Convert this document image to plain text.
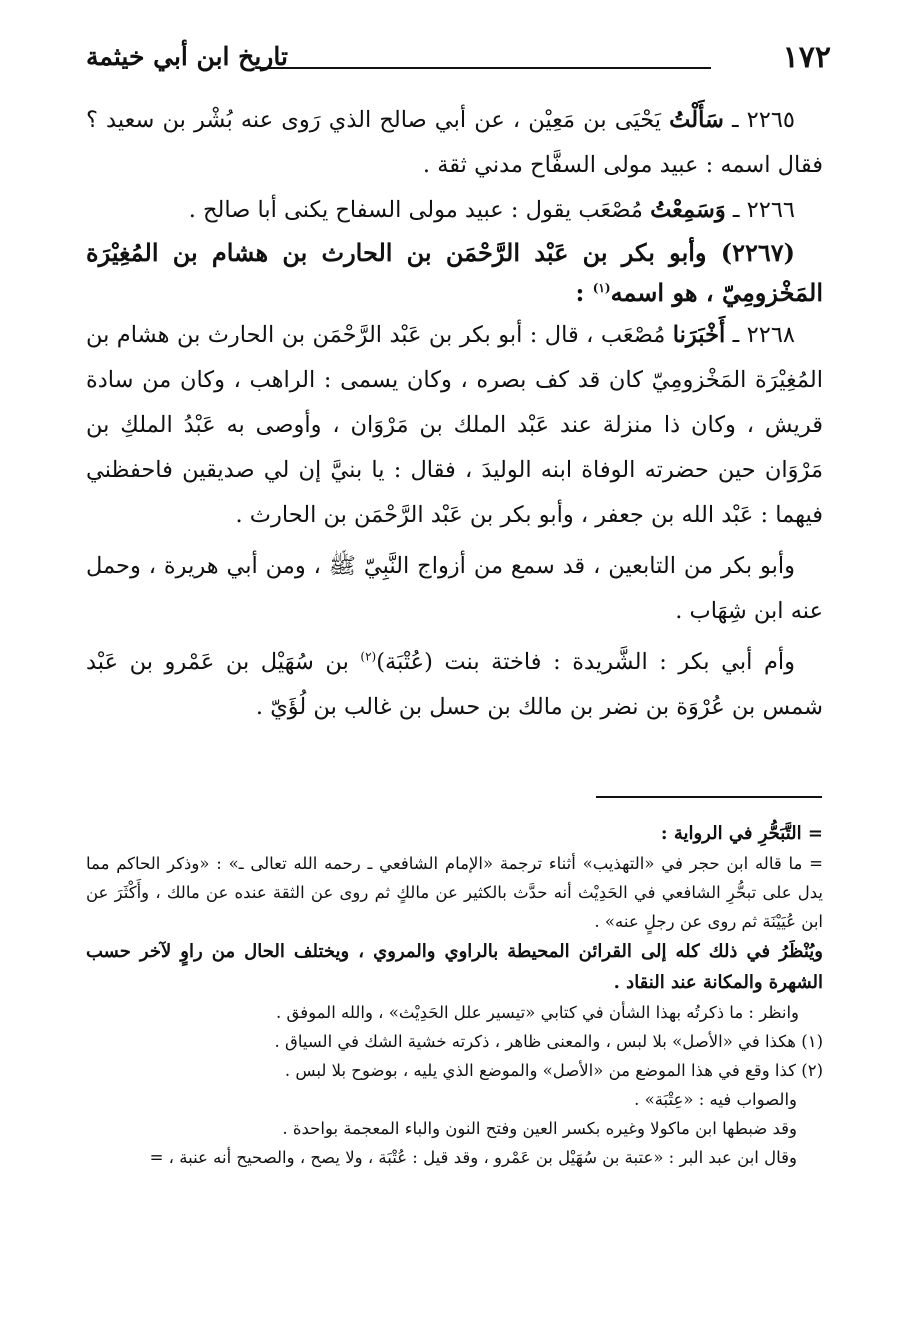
١٧٢
تاريخ ابن أبي خيثمة

٢٢٦٥ ـ سَأَلْتُ يَحْيَى بن مَعِيْن ، عن أبي صالح الذي رَوى عنه بُشْر بن سعيد ؟ فقال اسمه : عبيد مولى السفَّاح مدني ثقة .

٢٢٦٦ ـ وَسَمِعْتُ مُصْعَب يقول : عبيد مولى السفاح يكنى أبا صالح .

(٢٢٦٧) وأبو بكر بن عَبْد الرَّحْمَن بن الحارث بن هشام بن المُغِيْرَة المَخْزومِيّ ، هو اسمه$^{(١)}$ :

٢٢٦٨ ـ أَخْبَرَنا مُصْعَب ، قال : أبو بكر بن عَبْد الرَّحْمَن بن الحارث بن هشام بن المُغِيْرَة المَخْزومِيّ كان قد كف بصره ، وكان يسمى : الراهب ، وكان من سادة قريش ، وكان ذا منزلة عند عَبْد الملك بن مَرْوَان ، وأوصى به عَبْدُ الملكِ بن مَرْوَان حين حضرته الوفاة ابنه الوليدَ ، فقال : يا بنيَّ إن لي صديقين فاحفظني فيهما : عَبْد الله بن جعفر ، وأبو بكر بن عَبْد الرَّحْمَن بن الحارث .

وأبو بكر من التابعين ، قد سمع من أزواج النَّبِيّ ﷺ ، ومن أبي هريرة ، وحمل عنه ابن شِهَاب .

وأم أبي بكر : الشَّريدة : فاختة بنت (عُتْبَة)$^{(٢)}$ بن سُهَيْل بن عَمْرو بن عَبْد شمس بن عُرْوَة بن نضر بن مالك بن حسل بن غالب بن لُؤَيّ .

= التَّبَحُّرِ في الرواية :

= ما قاله ابن حجر في «التهذيب» أثناء ترجمة «الإمام الشافعي ـ رحمه الله تعالى ـ» : «وذكر الحاكم مما يدل على تبحُّرِ الشافعي في الحَدِيْث أنه حدَّث بالكثير عن مالكٍ ثم روى عن الثقة عنده عن مالك ، وأَكْثَرَ عن ابن عُيَيْنَة ثم روى عن رجلٍ عنه» .

ويُنْظَرُ في ذلك كله إلى القرائن المحيطة بالراوي والمروي ، ويختلف الحال من راوٍ لآخر حسب الشهرة والمكانة عند النقاد .

وانظر : ما ذكرتُه بهذا الشأن في كتابي «تيسير علل الحَدِيْث» ، والله الموفق .

(١) هكذا في «الأصل» بلا لبس ، والمعنى ظاهر ، ذكرته خشية الشك في السياق .

(٢) كذا وقع في هذا الموضع من «الأصل» والموضع الذي يليه ، بوضوح بلا لبس .

والصواب فيه : «عِتْبَة» .

وقد ضبطها ابن ماكولا وغيره بكسر العين وفتح النون والباء المعجمة بواحدة .

وقال ابن عبد البر : «عتبة بن سُهَيْل بن عَمْرو ، وقد قيل : عُتْبَة ، ولا يصح ، والصحيح أنه عنبة ، =
